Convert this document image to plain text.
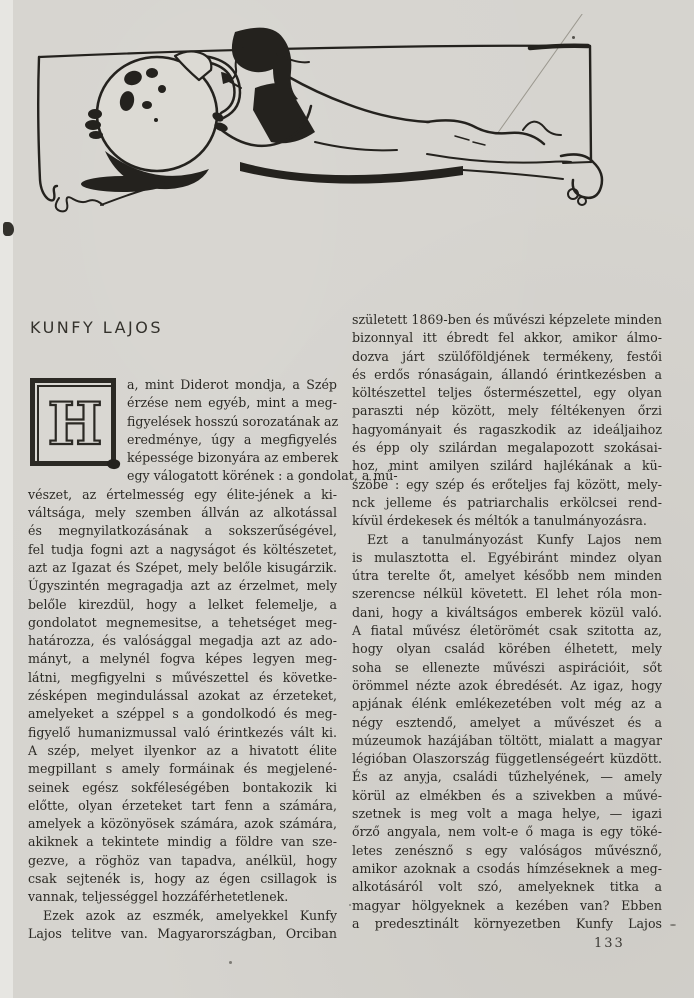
KUNFY LAJOS
H
a, mint Diderot mondja, a Szép
érzése nem egyéb, mint a meg-
figyelések hosszú sorozatának az
eredménye, úgy a megfigyelés
képessége bizonyára az emberek
egy válogatott körének : a gondolat, a mű-
vészet, az értelmesség egy élite-jének a ki-
váltsága, mely szemben állván az alkotással
és megnyilatkozásának a sokszerűségével,
fel tudja fogni azt a nagyságot és költészetet,
azt az Igazat és Szépet, mely belőle kisugárzik.
Úgyszintén megragadja azt az érzelmet, mely
belőle kirezdül, hogy a lelket felemelje, a
gondolatot megnemesitse, a tehetséget meg-
határozza, és valósággal megadja azt az ado-
mányt, a melynél fogva képes legyen meg-
látni, megfigyelni s művészettel és követke-
zésképen megindulással azokat az érzeteket,
amelyeket a széppel s a gondolkodó és meg-
figyelő humanizmussal való érintkezés vált ki.
A szép, melyet ilyenkor az a hivatott élite
megpillant s amely formáinak és megjelené-
seinek egész sokféleségében bontakozik ki
előtte, olyan érzeteket tart fenn a számára,
amelyek a közönyösek számára, azok számára,
akiknek a tekintete mindig a földre van sze-
gezve, a röghöz van tapadva, anélkül, hogy
csak sejtenék is, hogy az égen csillagok is
vannak, teljességgel hozzáférhetetlenek.
Ezek azok az eszmék, amelyekkel Kunfy
Lajos telitve van. Magyarországban, Orciban
született 1869-ben és művészi képzelete minden
bizonnyal itt ébredt fel akkor, amikor álmo-
dozva járt szülőföldjének termékeny, festői
és erdős rónaságain, állandó érintkezésben a
költészettel teljes őstermészettel, egy olyan
paraszti nép között, mely féltékenyen őrzi
hagyományait és ragaszkodik az ideáljaihoz
és épp oly szilárdan megalapozott szokásai-
hoz, mint amilyen szilárd hajlékának a kü-
szöbe : egy szép és erőteljes faj között, mely-
nck jelleme és patriarchalis erkölcsei rend-
kívül érdekesek és méltók a tanulmányozásra.
Ezt a tanulmányozást Kunfy Lajos nem
is mulasztotta el. Egyébiránt mindez olyan
útra terelte őt, amelyet később nem minden
szerencse nélkül követett. El lehet róla mon-
dani, hogy a kiváltságos emberek közül való.
A fiatal művész életörömét csak szitotta az,
hogy olyan család körében élhetett, mely
soha se ellenezte művészi aspirációit, sőt
örömmel nézte azok ébredését. Az igaz, hogy
apjának élénk emlékezetében volt még az a
négy esztendő, amelyet a művészet és a
múzeumok hazájában töltött, mialatt a magyar
légióban Olaszország függetlenségeért küzdött.
És az anyja, családi tűzhelyének, — amely
körül az elmékben és a szivekben a művé-
szetnek is meg volt a maga helye, — igazi
őrző angyala, nem volt-e ő maga is egy töké-
letes zenésznő s egy valóságos művésznő,
amikor azoknak a csodás hímzéseknek a meg-
alkotásáról volt szó, amelyeknek titka a
magyar hölgyeknek a kezében van? Ebben
a predesztinált környezetben Kunfy Lajos
133
